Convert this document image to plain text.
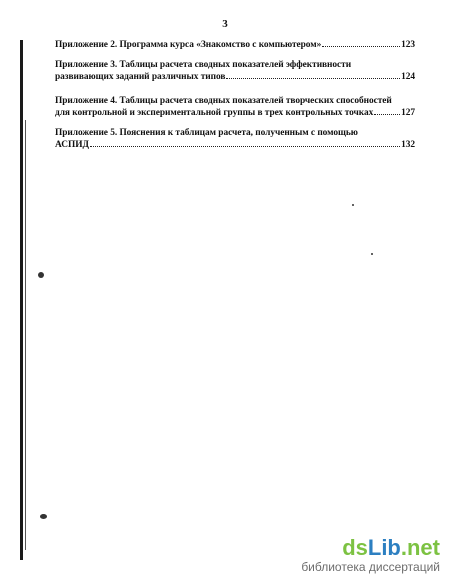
3
Приложение 2. Программа курса «Знакомство с компьютером»	123
Приложение 3. Таблицы расчета сводных показателей эффективности
развивающих заданий различных типов	124
Приложение 4. Таблицы расчета сводных показателей творческих способностей
для контрольной и экспериментальной группы в трех контрольных точках	127
Приложение 5. Пояснения к таблицам расчета, полученным с помощью
АСПИД	132
dsLib.net
библиотека диссертаций
